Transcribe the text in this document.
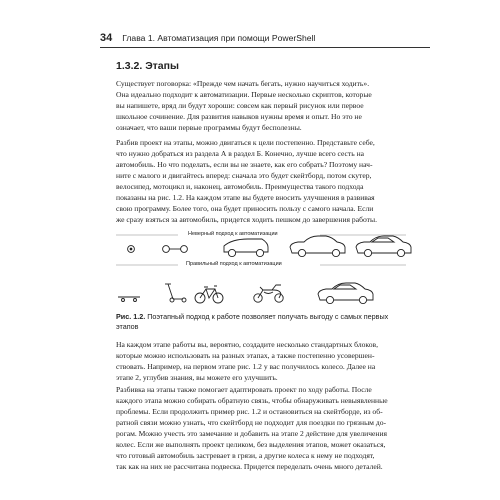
34 Глава 1. Автоматизация при помощи PowerShell
1.3.2. Этапы

Существует поговорка: «Прежде чем начать бегать, нужно научиться ходить».
Она идеально подходит к автоматизации. Первые несколько скриптов, которые
вы напишете, вряд ли будут хороши: совсем как первый рисунок или первое
школьное сочинение. Для развития навыков нужны время и опыт. Но это не
означает, что ваши первые программы будут бесполезны.

Разбив проект на этапы, можно двигаться к цели постепенно. Представьте себе,
что нужно добраться из раздела А в раздел Б. Конечно, лучше всего сесть на
автомобиль. Но что поделать, если вы не знаете, как его собрать? Поэтому нач-
ните с малого и двигайтесь вперед: сначала это будет скейтборд, потом скутер,
велосипед, мотоцикл и, наконец, автомобиль. Преимущества такого подхода
показаны на рис. 1.2. На каждом этапе вы будете вносить улучшения в развивая
свою программу. Более того, она будет приносить пользу с самого начала. Если
же сразу взяться за автомобиль, придется ходить пешком до завершения работы.

Неверный подход к автоматизации
Правильный подход к автоматизации
Рис. 1.2. Поэтапный подход к работе позволяет получать выгоду с самых первых этапов

На каждом этапе работы вы, вероятно, создадите несколько стандартных блоков,
которые можно использовать на разных этапах, а также постепенно усовершен-
ствовать. Например, на первом этапе рис. 1.2 у вас получилось колесо. Далее на
этапе 2, углубив знания, вы можете его улучшить.

Разбивка на этапы также помогает адаптировать проект по ходу работы. После
каждого этапа можно собирать обратную связь, чтобы обнаруживать невыявленные
проблемы. Если продолжить пример рис. 1.2 и остановиться на скейтборде, из об-
ратной связи можно узнать, что скейтборд не подходит для поездки по грязным до-
рогам. Можно учесть это замечание и добавить на этапе 2 действие для увеличения
колес. Если же выполнять проект целиком, без выделения этапов, может оказаться,
что готовый автомобиль застревает в грязи, а другие колеса к нему не подходят,
так как на них не рассчитана подвеска. Придется переделать очень много деталей.
